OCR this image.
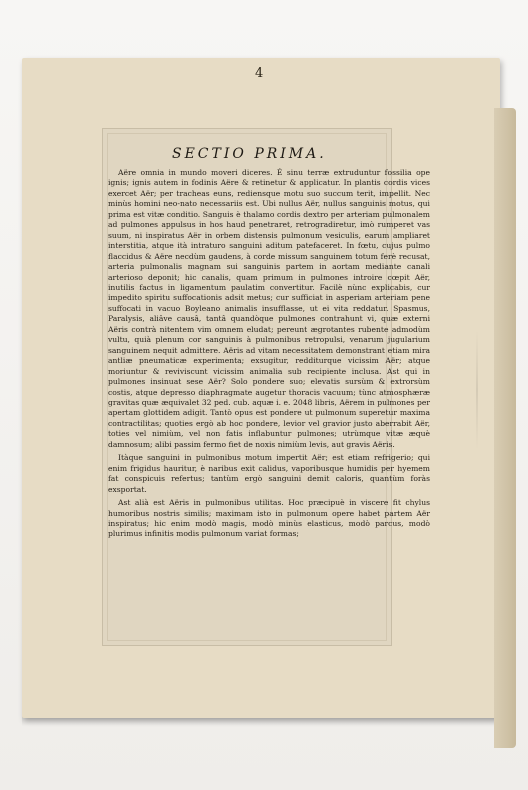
4
SECTIO PRIMA.

Aëre omnia in mundo moveri diceres. É sinu terræ extruduntur fossilia ope ignis; ignis autem in fodinis Aëre & retinetur & applicatur. In plantis cordis vices exercet Aër; per tracheas euns, rediensque motu suo succum terit, impellit. Nec minùs homini neo-nato necessariis est. Ubi nullus Aër, nullus sanguinis motus, qui prima est vitæ conditio. Sanguis è thalamo cordis dextro per arteriam pulmonalem ad pulmones appulsus in hos haud penetraret, retrogradiretur, imò rumperet vas suum, ni inspiratus Aër in orbem distensis pulmonum vesiculis, earum ampliaret interstitia, atque ità intraturo sanguini aditum patefaceret. In fœtu, cujus pulmo flaccidus & Aëre necdùm gaudens, à corde missum sanguinem totum ferè recusat, arteria pulmonalis magnam sui sanguinis partem in aortam mediante canali arterioso deponit; hic canalis, quam primum in pulmones introire cœpit Aër, inutilis factus in ligamentum paulatim convertitur. Facilè nùnc explicabis, cur impedito spiritu suffocationis adsit metus; cur sufficiat in asperiam arteriam pene suffocati in vacuo Boyleano animalis insufflasse, ut ei vita reddatur. Spasmus, Paralysis, aliâve causâ, tantâ quandòque pulmones contrahunt vi, quæ externi Aëris contrà nitentem vim omnem eludat; pereunt ægrotantes rubente admodùm vultu, quià plenum cor sanguinis à pulmonibus retropulsi, venarum jugularium sanguinem nequit admittere. Aëris ad vitam necessitatem demonstrant etiam mira antliæ pneumaticæ experimenta; exsugitur, redditurque vicissim Aër; atque moriuntur & reviviscunt vicissim animalia sub recipiente inclusa. Ast qui in pulmones insinuat sese Aër? Solo pondere suo; elevatis sursùm & extrorsùm costis, atque depresso diaphragmate augetur thoracis vacuum; tùnc atmosphæræ gravitas quæ æquivalet 32 ped. cub. aquæ i. e. 2048 libris, Aërem in pulmones per apertam glottidem adigit. Tantò opus est pondere ut pulmonum superetur maxima contractilitas; quoties ergò ab hoc pondere, levior vel gravior justo aberrabit Aër, toties vel nimiùm, vel non fatis inflabuntur pulmones; utrùmque vitæ æquè damnosum; alibi passim fermo fiet de noxis nimiùm levis, aut gravis Aëris.

Itàque sanguini in pulmonibus motum impertit Aër; est etiam refrigerio; qui enim frigidus hauritur, è naribus exit calidus, vaporibusque humidis per hyemem fat conspicuis refertus; tantùm ergò sanguini demit caloris, quantùm foràs exsportat.

Ast alià est Aëris in pulmonibus utilitas. Hoc præcipuè in viscere fit chylus humoribus nostris similis; maximam isto in pulmonum opere habet partem Aër inspiratus; hic enim modò magis, modò minùs elasticus, modò parcus, modò plurimus infinitis modis pulmonum variat formas;
